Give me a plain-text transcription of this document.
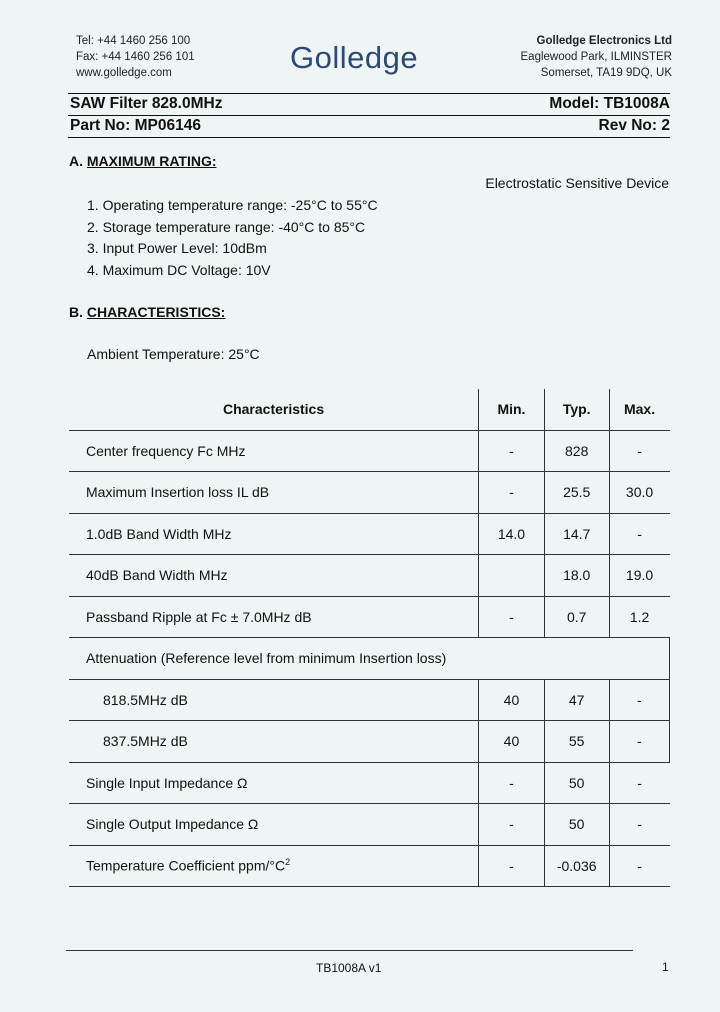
Tel: +44 1460 256 100
Fax: +44 1460 256 101
www.golledge.com	Golledge	Golledge Electronics Ltd
Eaglewood Park, ILMINSTER
Somerset, TA19 9DQ, UK
SAW Filter 828.0MHz	Model: TB1008A
Part No: MP06146	Rev No: 2
A. MAXIMUM RATING:
Electrostatic Sensitive Device
1. Operating temperature range: -25°C to 55°C
2. Storage temperature range: -40°C to 85°C
3. Input Power Level: 10dBm
4. Maximum DC Voltage: 10V
B. CHARACTERISTICS:
Ambient Temperature: 25°C
Characteristics	Min.	Typ.	Max.
Center frequency Fc MHz	-	828	-
Maximum Insertion loss IL dB	-	25.5	30.0
1.0dB Band Width MHz	14.0	14.7	-
40dB Band Width MHz		18.0	19.0
Passband Ripple at Fc ± 7.0MHz dB	-	0.7	1.2
Attenuation (Reference level from minimum Insertion loss)			
818.5MHz dB	40	47	-
837.5MHz dB	40	55	-
Single Input Impedance Ω	-	50	-
Single Output Impedance Ω	-	50	-
Temperature Coefficient ppm/$^\circ C^2$	-	-0.036	-
TB1008A v1	1
